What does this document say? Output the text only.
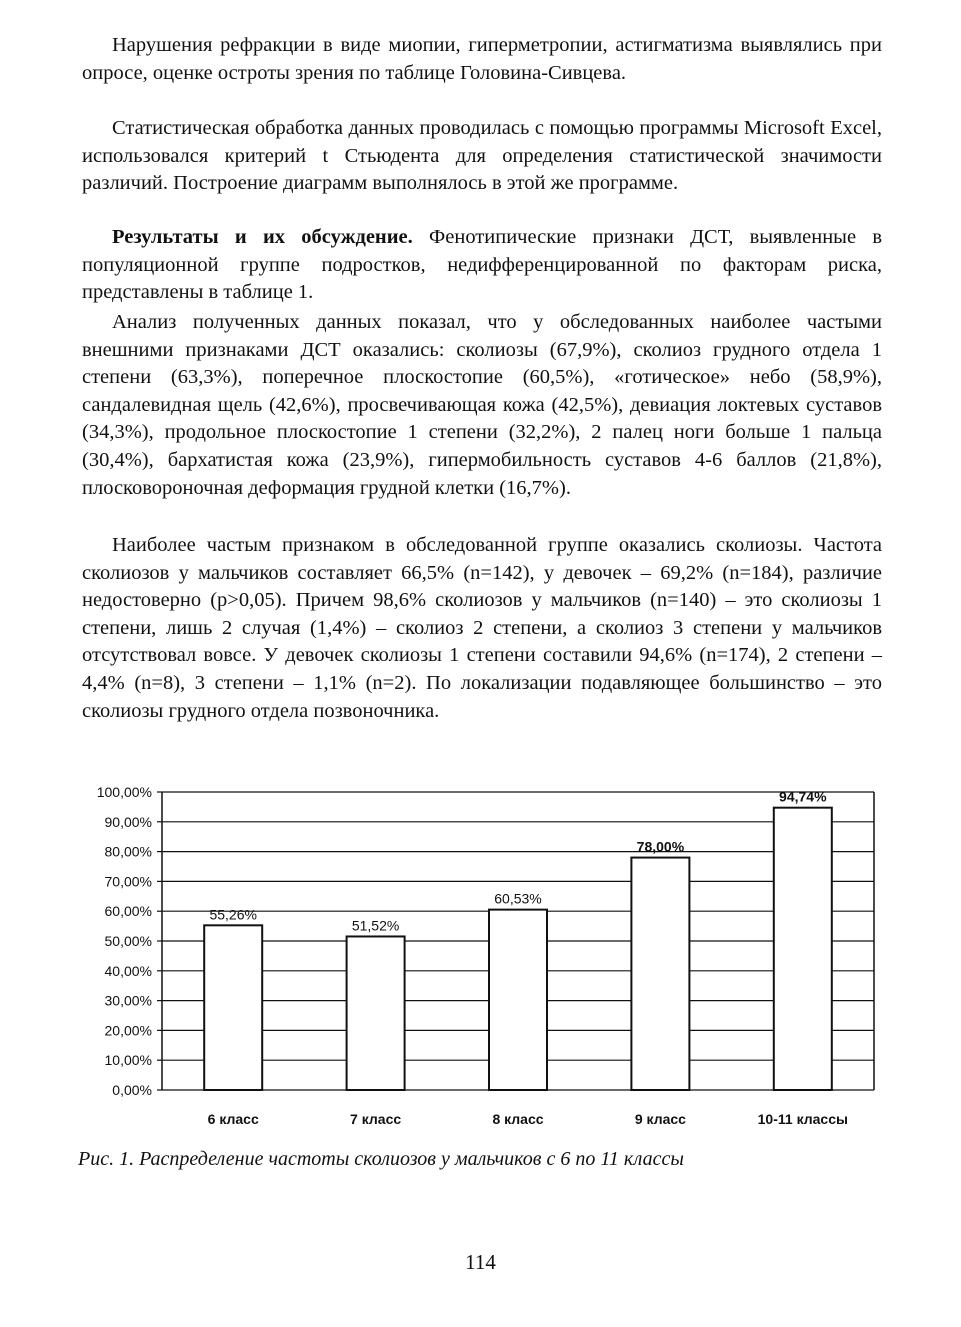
Нарушения рефракции в виде миопии, гиперметропии, астигматизма выявлялись при опросе, оценке остроты зрения по таблице Головина-Сивцева.

Статистическая обработка данных проводилась с помощью программы Microsoft Excel, использовался критерий t Стьюдента для определения статистической значимости различий. Построение диаграмм выполнялось в этой же программе.

Результаты и их обсуждение. Фенотипические признаки ДСТ, выявленные в популяционной группе подростков, недифференцированной по факторам риска, представлены в таблице 1.

Анализ полученных данных показал, что у обследованных наиболее частыми внешними признаками ДСТ оказались: сколиозы (67,9%), сколиоз грудного отдела 1 степени (63,3%), поперечное плоскостопие (60,5%), «готическое» небо (58,9%), сандалевидная щель (42,6%), просвечивающая кожа (42,5%), девиация локтевых суставов (34,3%), продольное плоскостопие 1 степени (32,2%), 2 палец ноги больше 1 пальца (30,4%), бархатистая кожа (23,9%), гипермобильность суставов 4-6 баллов (21,8%), плосковороночная деформация грудной клетки (16,7%).

Наиболее частым признаком в обследованной группе оказались сколиозы. Частота сколиозов у мальчиков составляет 66,5% (n=142), у девочек – 69,2% (n=184), различие недостоверно (p>0,05). Причем 98,6% сколиозов у мальчиков (n=140) – это сколиозы 1 степени, лишь 2 случая (1,4%) – сколиоз 2 степени, а сколиоз 3 степени у мальчиков отсутствовал вовсе. У девочек сколиозы 1 степени составили 94,6% (n=174), 2 степени – 4,4% (n=8), 3 степени – 1,1% (n=2). По локализации подавляющее большинство – это сколиозы грудного отдела позвоночника.

0,00%
10,00%
20,00%
30,00%
40,00%
50,00%
60,00%
70,00%
80,00%
90,00%
100,00%
55,26%
6 класс
51,52%
7 класс
60,53%
8 класс
78,00%
9 класс
94,74%
10-11 классы
Рис. 1. Распределение частоты сколиозов у мальчиков с 6 по 11 классы
114
